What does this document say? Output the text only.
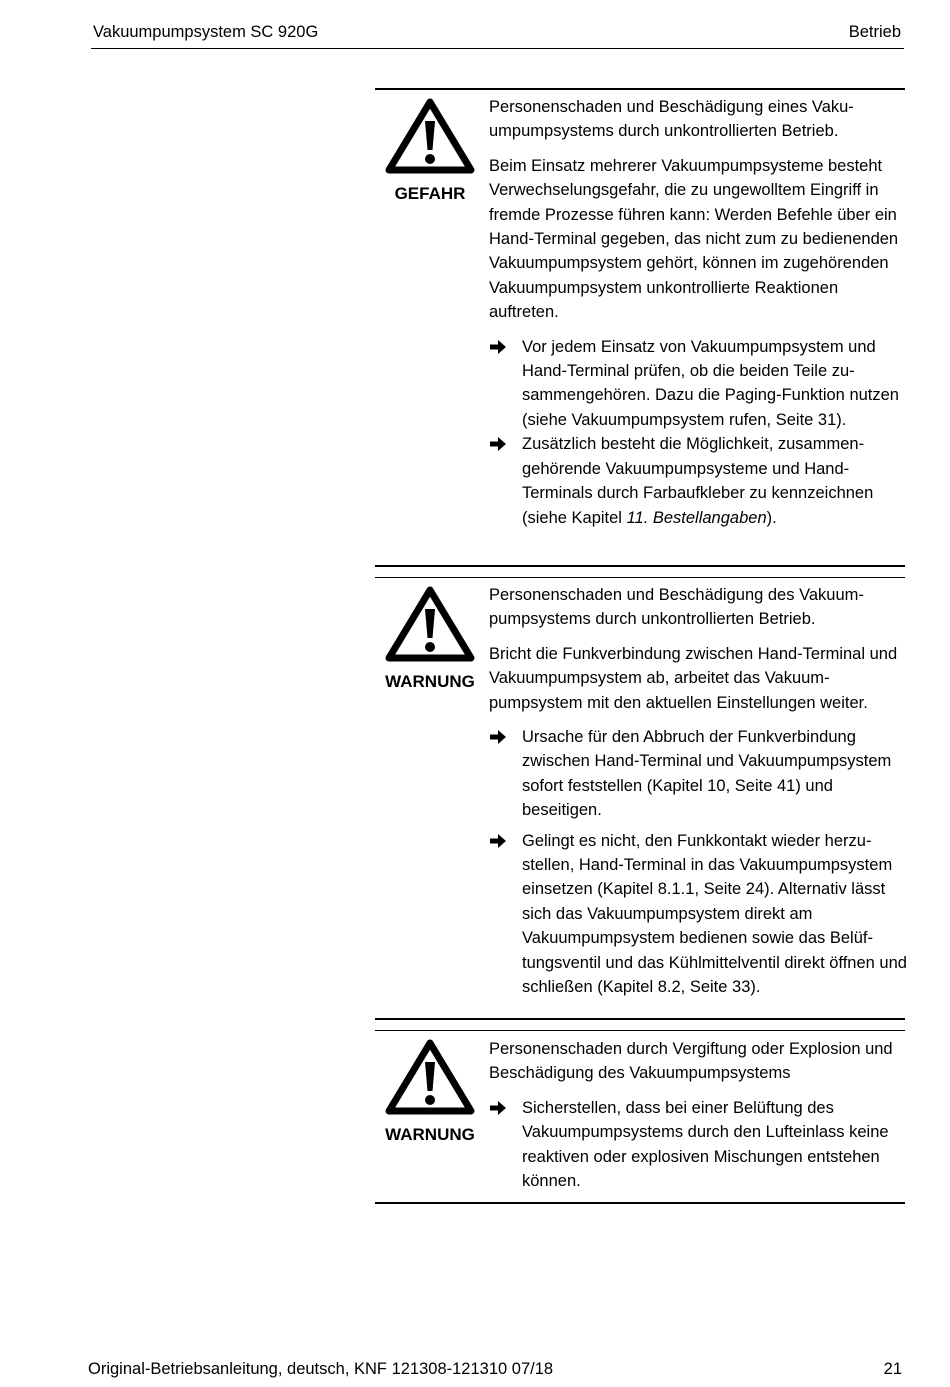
Vakuumpumpsystem SC 920G	Betrieb
GEFAHR

Personenschaden und Beschädigung eines Vakuumpumpsystems durch unkontrollierten Betrieb.

Beim Einsatz mehrerer Vakuumpumpsysteme besteht Verwechselungsgefahr, die zu ungewolltem Eingriff in fremde Prozesse führen kann: Werden Befehle über ein Hand-Terminal gegeben, das nicht zum zu bedienenden Vakuumpumpsystem gehört, können im zugehörenden Vakuumpumpsystem unkontrollierte Reaktionen auftreten.

Vor jedem Einsatz von Vakuumpumpsystem und Hand-Terminal prüfen, ob die beiden Teile zusammengehören. Dazu die Paging-Funktion nutzen (siehe Vakuumpumpsystem rufen, Seite 31).
Zusätzlich besteht die Möglichkeit, zusammengehörende Vakuumpumpsysteme und Hand-Terminals durch Farbaufkleber zu kennzeichnen (siehe Kapitel 11. Bestellangaben).
WARNUNG

Personenschaden und Beschädigung des Vakuumpumpsystems durch unkontrollierten Betrieb.

Bricht die Funkverbindung zwischen Hand-Terminal und Vakuumpumpsystem ab, arbeitet das Vakuumpumpsystem mit den aktuellen Einstellungen weiter.

Ursache für den Abbruch der Funkverbindung zwischen Hand-Terminal und Vakuumpumpsystem sofort feststellen (Kapitel 10, Seite 41) und beseitigen.
Gelingt es nicht, den Funkkontakt wieder herzustellen, Hand-Terminal in das Vakuumpumpsystem einsetzen (Kapitel 8.1.1, Seite 24). Alternativ lässt sich das Vakuumpumpsystem direkt am Vakuumpumpsystem bedienen sowie das Belüftungsventil und das Kühlmittelventil direkt öffnen und schließen (Kapitel 8.2, Seite 33).
WARNUNG

Personenschaden durch Vergiftung oder Explosion und Beschädigung des Vakuumpumpsystems

Sicherstellen, dass bei einer Belüftung des Vakuumpumpsystems durch den Lufteinlass keine reaktiven oder explosiven Mischungen entstehen können.
Original-Betriebsanleitung, deutsch, KNF 121308-121310 07/18	21
